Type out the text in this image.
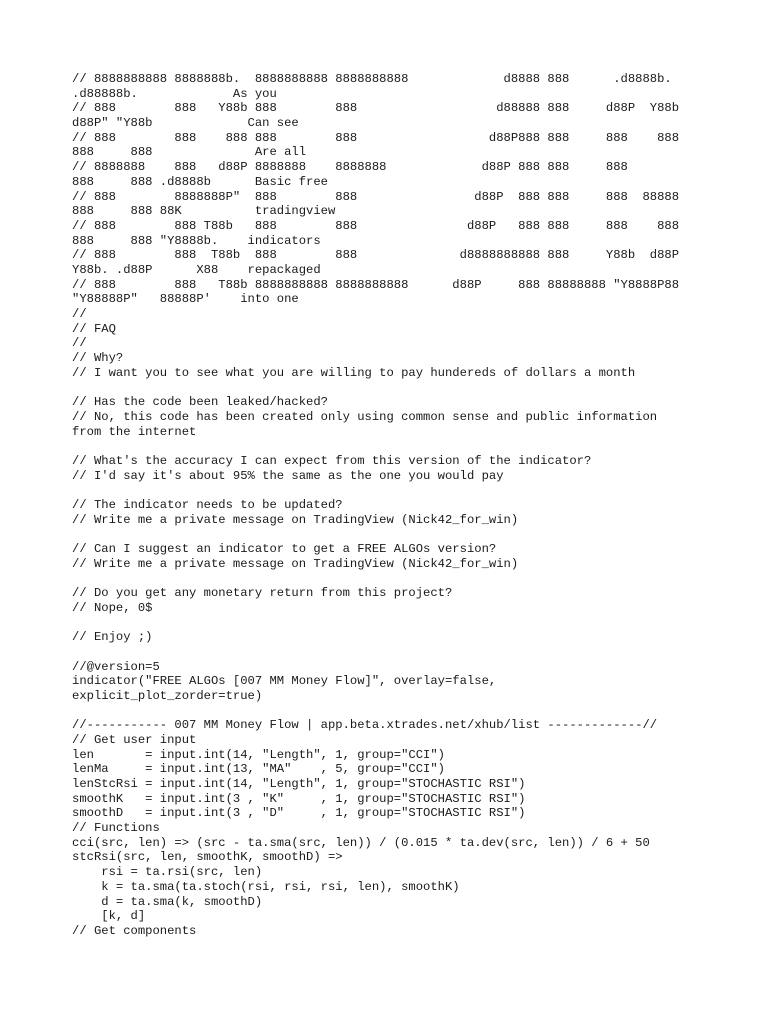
// 8888888888 8888888b.  8888888888 8888888888             d8888 888      .d8888b.
.d88888b.             As you
// 888        888   Y88b 888        888                   d88888 888     d88P  Y88b
d88P" "Y88b             Can see
// 888        888    888 888        888                  d88P888 888     888    888
888     888              Are all
// 8888888    888   d88P 8888888    8888888             d88P 888 888     888
888     888 .d8888b      Basic free
// 888        8888888P"  888        888                d88P  888 888     888  88888
888     888 88K          tradingview
// 888        888 T88b   888        888               d88P   888 888     888    888
888     888 "Y8888b.    indicators
// 888        888  T88b  888        888              d8888888888 888     Y88b  d88P
Y88b. .d88P      X88    repackaged
// 888        888   T88b 8888888888 8888888888      d88P     888 88888888 "Y8888P88
"Y88888P"   88888P'    into one
//
// FAQ
//
// Why?
// I want you to see what you are willing to pay hundereds of dollars a month
// Has the code been leaked/hacked?
// No, this code has been created only using common sense and public information
from the internet
// What's the accuracy I can expect from this version of the indicator?
// I'd say it's about 95% the same as the one you would pay
// The indicator needs to be updated?
// Write me a private message on TradingView (Nick42_for_win)
// Can I suggest an indicator to get a FREE ALGOs version?
// Write me a private message on TradingView (Nick42_for_win)
// Do you get any monetary return from this project?
// Nope, 0$
// Enjoy ;)
//@version=5
indicator("FREE ALGOs [007 MM Money Flow]", overlay=false,
explicit_plot_zorder=true)
//----------- 007 MM Money Flow | app.beta.xtrades.net/xhub/list -------------//
// Get user input
len       = input.int(14, "Length", 1, group="CCI")
lenMa     = input.int(13, "MA"    , 5, group="CCI")
lenStcRsi = input.int(14, "Length", 1, group="STOCHASTIC RSI")
smoothK   = input.int(3 , "K"     , 1, group="STOCHASTIC RSI")
smoothD   = input.int(3 , "D"     , 1, group="STOCHASTIC RSI")
// Functions
cci(src, len) => (src - ta.sma(src, len)) / (0.015 * ta.dev(src, len)) / 6 + 50
stcRsi(src, len, smoothK, smoothD) =>
rsi = ta.rsi(src, len)
k = ta.sma(ta.stoch(rsi, rsi, rsi, len), smoothK)
d = ta.sma(k, smoothD)
[k, d]
// Get components
